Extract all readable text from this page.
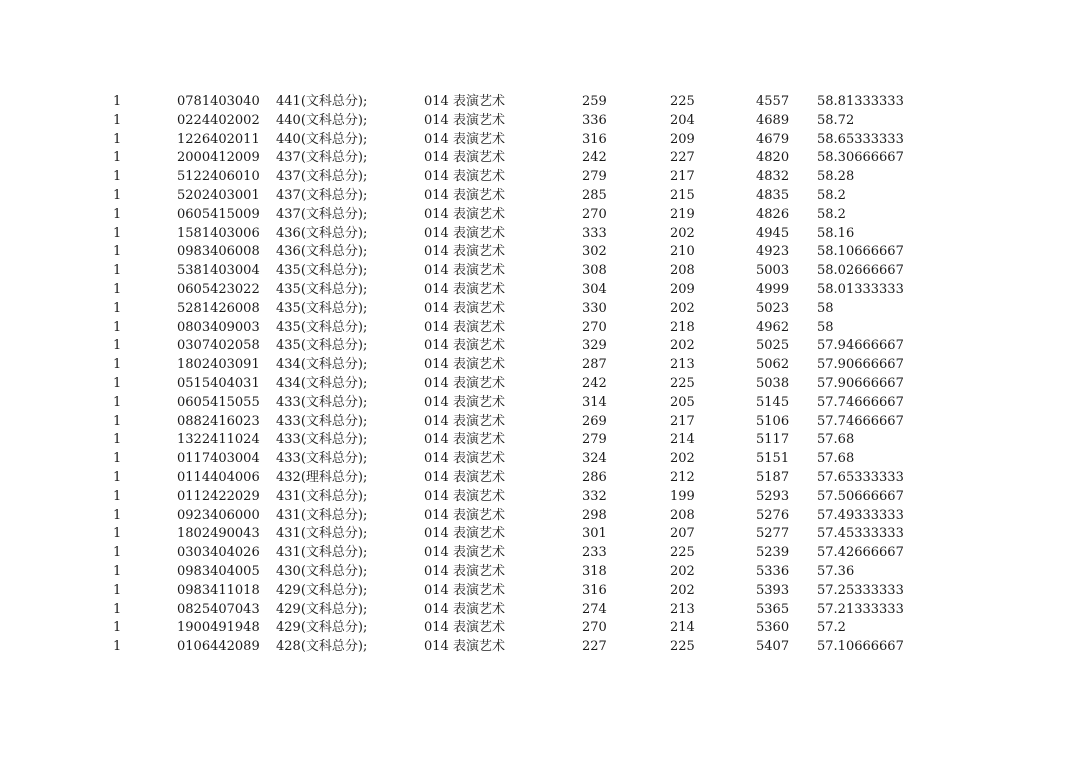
1	0781403040 441(文科总分);	014 表演艺术	259	225	4557 58.81333333
1	0224402002 440(文科总分);	014 表演艺术	336	204	4689 58.72
1	1226402011 440(文科总分);	014 表演艺术	316	209	4679 58.65333333
1	2000412009 437(文科总分);	014 表演艺术	242	227	4820 58.30666667
1	5122406010 437(文科总分);	014 表演艺术	279	217	4832 58.28
1	5202403001 437(文科总分);	014 表演艺术	285	215	4835 58.2
1	0605415009 437(文科总分);	014 表演艺术	270	219	4826 58.2
1	1581403006 436(文科总分);	014 表演艺术	333	202	4945 58.16
1	0983406008 436(文科总分);	014 表演艺术	302	210	4923 58.10666667
1	5381403004 435(文科总分);	014 表演艺术	308	208	5003 58.02666667
1	0605423022 435(文科总分);	014 表演艺术	304	209	4999 58.01333333
1	5281426008 435(文科总分);	014 表演艺术	330	202	5023 58
1	0803409003 435(文科总分);	014 表演艺术	270	218	4962 58
1	0307402058 435(文科总分);	014 表演艺术	329	202	5025 57.94666667
1	1802403091 434(文科总分);	014 表演艺术	287	213	5062 57.90666667
1	0515404031 434(文科总分);	014 表演艺术	242	225	5038 57.90666667
1	0605415055 433(文科总分);	014 表演艺术	314	205	5145 57.74666667
1	0882416023 433(文科总分);	014 表演艺术	269	217	5106 57.74666667
1	1322411024 433(文科总分);	014 表演艺术	279	214	5117 57.68
1	0117403004 433(文科总分);	014 表演艺术	324	202	5151 57.68
1	0114404006 432(理科总分);	014 表演艺术	286	212	5187 57.65333333
1	0112422029 431(文科总分);	014 表演艺术	332	199	5293 57.50666667
1	0923406000 431(文科总分);	014 表演艺术	298	208	5276 57.49333333
1	1802490043 431(文科总分);	014 表演艺术	301	207	5277 57.45333333
1	0303404026 431(文科总分);	014 表演艺术	233	225	5239 57.42666667
1	0983404005 430(文科总分);	014 表演艺术	318	202	5336 57.36
1	0983411018 429(文科总分);	014 表演艺术	316	202	5393 57.25333333
1	0825407043 429(文科总分);	014 表演艺术	274	213	5365 57.21333333
1	1900491948 429(文科总分);	014 表演艺术	270	214	5360 57.2
1	0106442089 428(文科总分);	014 表演艺术	227	225	5407 57.10666667
